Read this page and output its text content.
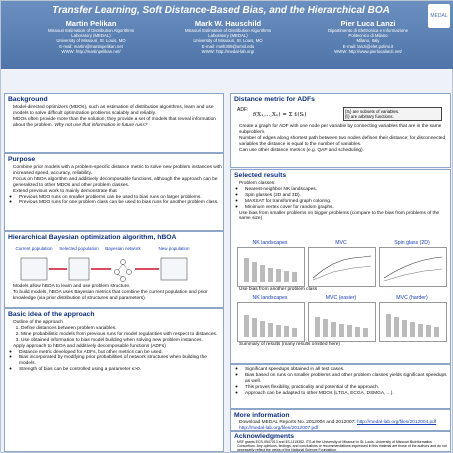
Transfer Learning, Soft Distance-Based Bias, and the Hierarchical BOA	MEDAL
Martin Pelikan
Missouri Estimation of Distribution Algorithms
Laboratory (MEDAL)
University of Missouri, St. Louis, MO
E-mail: martin@martinpelikan.net
WWW: http://martinpelikan.net/
Mark W. Hauschild
Missouri Estimation of Distribution Algorithms
Laboratory (MEDAL)
University of Missouri, St. Louis, MO
E-mail: mwh308@umsl.edu
WWW: http://medal-lab.org/
Pier Luca Lanzi
Dipartimento di Elettronica e Informazione
Politecnico di Milano
Milano, Italy
E-mail: lanzi@elet.polimi.it
WWW: http://www.pierlucalanzi.net/
Background
• Model-directed optimizers (MDOs), such as estimation of distribution algorithms, learn and use models to solve difficult optimization problems scalably and reliably.
• MDOs often provide more than the solution; they provide a set of models that reveal information about the problem. Why not use that information in future runs?
Purpose
• Combine prior models with a problem-specific distance metric to solve new problem instances with increased speed, accuracy, reliability.
• Focus on hBOA algorithm and additively decomposable functions, although the approach can be generalized to other MDOs and other problem classes.
• Extend previous work to mainly demonstrate that
◦ Previous MDO runs on smaller problems can be used to bias runs on larger problems.
◦ Previous MDO runs for one problem class can be used to bias runs for another problem class.
Hierarchical Bayesian optimization algorithm, hBOA
Current population Selected population Bayesian network	New population
• Models allow hBOA to learn and use problem structure.
• To build models, hBOA uses Bayesian metrics that combine the current population and prior knowledge (via prior distribution of structures and parameters).
Basic idea of the approach
• Outline of the approach
1. Define distances between problem variables.
2. Mine probabilistic models from previous runs for model regularities with respect to distances.
3. Use obtained information to bias model building when solving new problem instances.
• Apply approach to hBOA and additively decomposable functions (ADFs)
◦ Distance metric developed for ADFs, but other metrics can be used.
◦ Bias incorporated by modifying prior probabilities of network structures when building the models.
◦ Strength of bias can be controlled using a parameter κ>0.
Distance metric for ADFs
ADF:
f(X₁,...,Xₙ) = Σ fᵢ(Sᵢ)
{Sᵢ} are subsets of variables.
{fᵢ} are arbitrary functions.
• Create a graph for ADF with one node per variable by connecting variables that are in the same subproblem.
• Number of edges along shortest path between two nodes defines their distance; for disconnected variables the distance is equal to the number of variables.
• Can use other distance metrics (e.g. QAP and scheduling).
Selected results
• Problem classes:
◦ Nearest-neighbor NK landscapes.
◦ Spin glasses (2D and 3D).
◦ MAXSAT for transformed graph coloring.
◦ Minimum vertex cover for random graphs.
• Use bias from smaller problems on bigger problems (compare to the bias from problems of the same size)
NK landscapes	MVC	Spin glass (2D)
• Use bias from another problem class
NK landscapes	MVC (easier)	MVC (harder)
• Summary of results (many results omitted here)
◦ Significant speedups obtained in all test cases.
◦ Bias based on runs on smaller problems and other problem classes yields significant speedups as well.
◦ This proves flexibility, practicality and potential of the approach.
◦ Approach can be adapted to other MDOs (LTGA, ECGA, DSMGA, ...).
More information
• Download MEDAL Reports No. 2012004 and 2012007: http://medal-lab.org/files/2012004.pdf http://medal-lab.org/files/2012007.pdf
Acknowledgments
NSF grants ECS-0547013 and IIS-1115352. ITS at the University of Missouri in St. Louis. University of Missouri Bioinformatics Consortium. Any opinions, findings, and conclusions or recommendations expressed in this material are those of the authors and do not necessarily reflect the views of the National Science Foundation.
